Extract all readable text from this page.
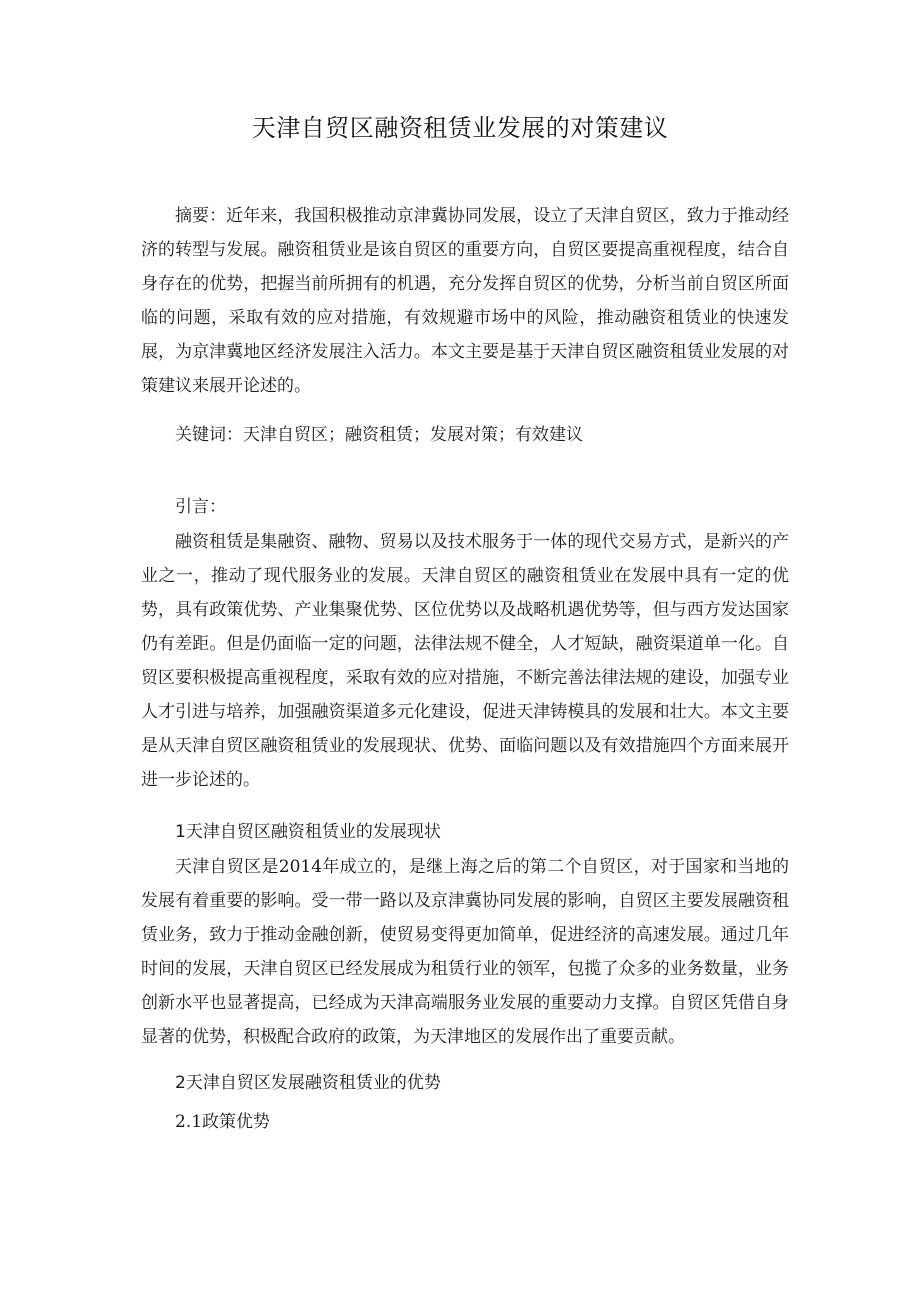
天津自贸区融资租赁业发展的对策建议
摘要：近年来，我国积极推动京津冀协同发展，设立了天津自贸区，致力于推动经济的转型与发展。融资租赁业是该自贸区的重要方向，自贸区要提高重视程度，结合自身存在的优势，把握当前所拥有的机遇，充分发挥自贸区的优势，分析当前自贸区所面临的问题，采取有效的应对措施，有效规避市场中的风险，推动融资租赁业的快速发展，为京津冀地区经济发展注入活力。本文主要是基于天津自贸区融资租赁业发展的对策建议来展开论述的。
关键词：天津自贸区；融资租赁；发展对策；有效建议
引言：
融资租赁是集融资、融物、贸易以及技术服务于一体的现代交易方式，是新兴的产业之一，推动了现代服务业的发展。天津自贸区的融资租赁业在发展中具有一定的优势，具有政策优势、产业集聚优势、区位优势以及战略机遇优势等，但与西方发达国家仍有差距。但是仍面临一定的问题，法律法规不健全，人才短缺，融资渠道单一化。自贸区要积极提高重视程度，采取有效的应对措施，不断完善法律法规的建设，加强专业人才引进与培养，加强融资渠道多元化建设，促进天津铸模具的发展和壮大。本文主要是从天津自贸区融资租赁业的发展现状、优势、面临问题以及有效措施四个方面来展开进一步论述的。
1天津自贸区融资租赁业的发展现状
天津自贸区是2014年成立的，是继上海之后的第二个自贸区，对于国家和当地的发展有着重要的影响。受一带一路以及京津冀协同发展的影响，自贸区主要发展融资租赁业务，致力于推动金融创新，使贸易变得更加简单，促进经济的高速发展。通过几年时间的发展，天津自贸区已经发展成为租赁行业的领军，包揽了众多的业务数量，业务创新水平也显著提高，已经成为天津高端服务业发展的重要动力支撑。自贸区凭借自身显著的优势，积极配合政府的政策，为天津地区的发展作出了重要贡献。
2天津自贸区发展融资租赁业的优势
2.1政策优势
